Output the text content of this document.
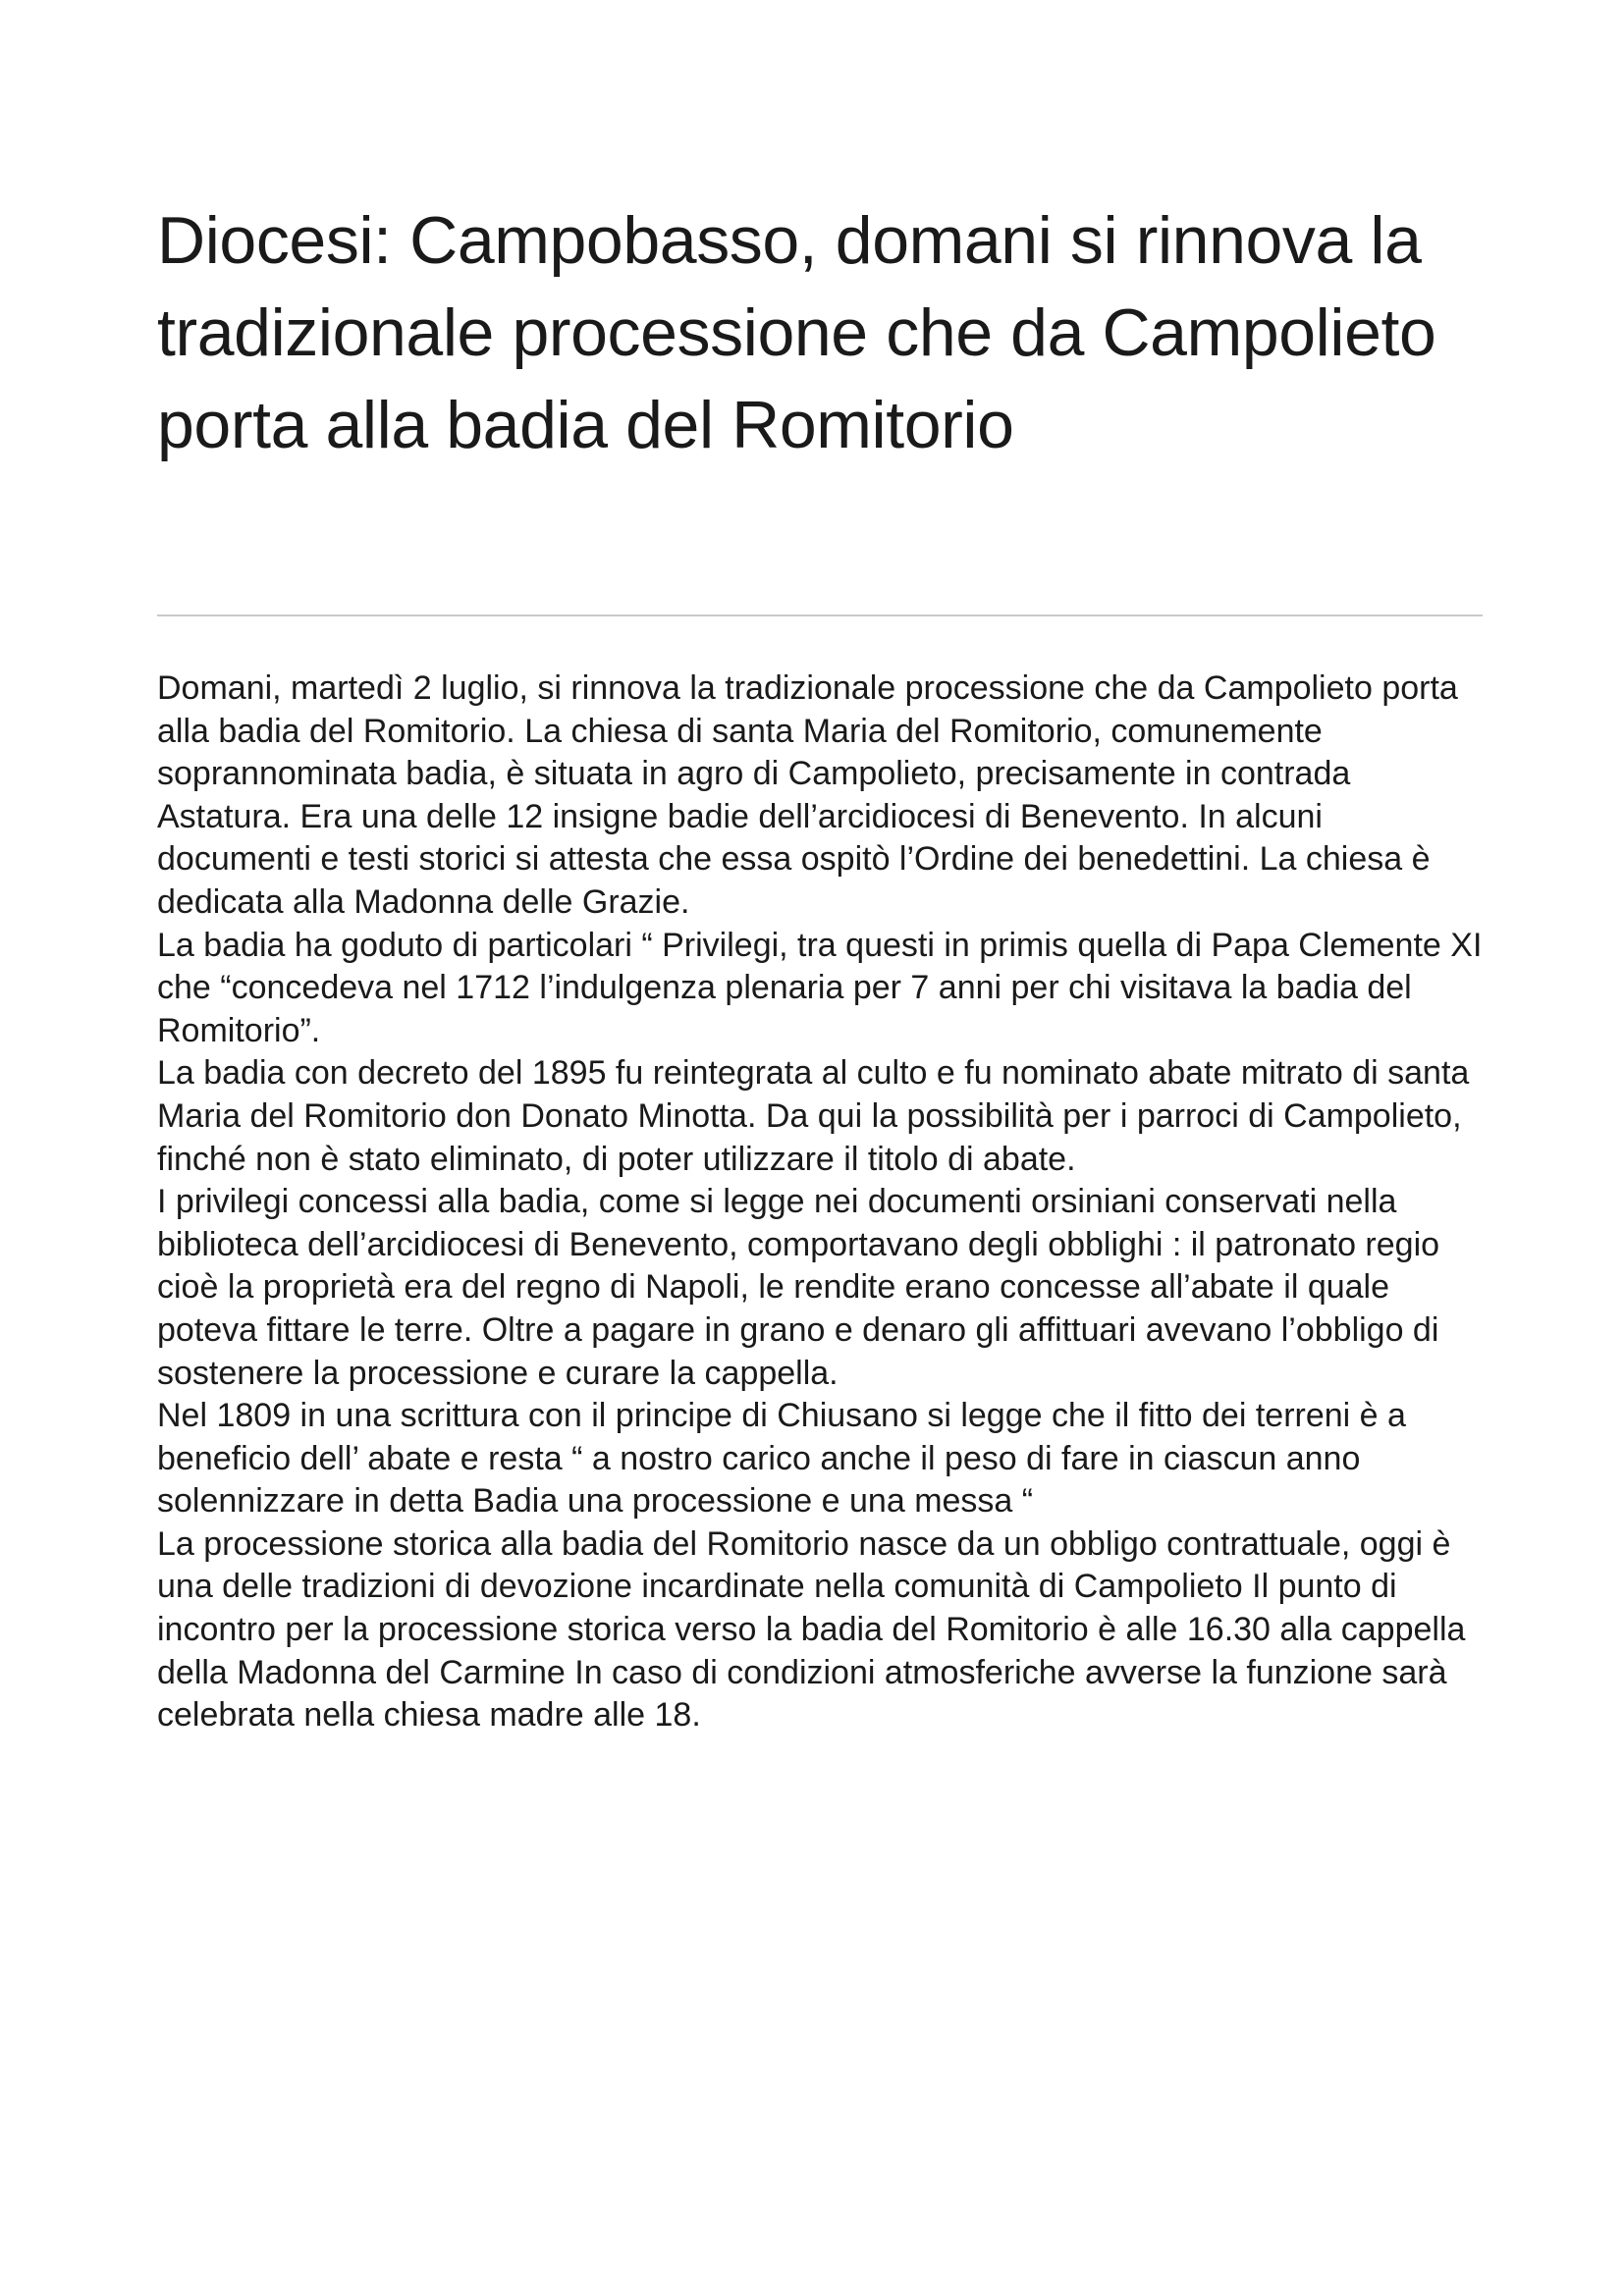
Diocesi: Campobasso, domani si rinnova la tradizionale processione che da Campolieto porta alla badia del Romitorio
Domani, martedì 2 luglio, si rinnova la tradizionale processione che da Campolieto porta alla badia del Romitorio. La chiesa di santa Maria del Romitorio, comunemente soprannominata badia, è situata in agro di Campolieto, precisamente in contrada Astatura. Era una delle 12 insigne badie dell’arcidiocesi di Benevento. In alcuni documenti e testi storici si attesta che essa ospitò l’Ordine dei benedettini. La chiesa è dedicata alla Madonna delle Grazie.
La badia ha goduto di particolari “ Privilegi, tra questi in primis quella di Papa Clemente XI che “concedeva nel 1712 l’indulgenza plenaria per 7 anni per chi visitava la badia del Romitorio”.
La badia con decreto del 1895 fu reintegrata al culto e fu nominato abate mitrato di santa Maria del Romitorio don Donato Minotta. Da qui la possibilità per i parroci di Campolieto, finché non è stato eliminato, di poter utilizzare il titolo di abate.
I privilegi concessi alla badia, come si legge nei documenti orsiniani conservati nella biblioteca dell’arcidiocesi di Benevento, comportavano degli obblighi : il patronato regio cioè la proprietà era del regno di Napoli, le rendite erano concesse all’abate il quale poteva fittare le terre. Oltre a pagare in grano e denaro gli affittuari avevano l’obbligo di sostenere la processione e curare la cappella.
Nel 1809 in una scrittura con il principe di Chiusano si legge che il fitto dei terreni è a beneficio dell’ abate e resta “ a nostro carico anche il peso di fare in ciascun anno solennizzare in detta Badia una processione e una messa “
La processione storica alla badia del Romitorio nasce da un obbligo contrattuale, oggi è una delle tradizioni di devozione incardinate nella comunità di Campolieto Il punto di incontro per la processione storica verso la badia del Romitorio è alle 16.30 alla cappella della Madonna del Carmine In caso di condizioni atmosferiche avverse la funzione sarà celebrata nella chiesa madre alle 18.
